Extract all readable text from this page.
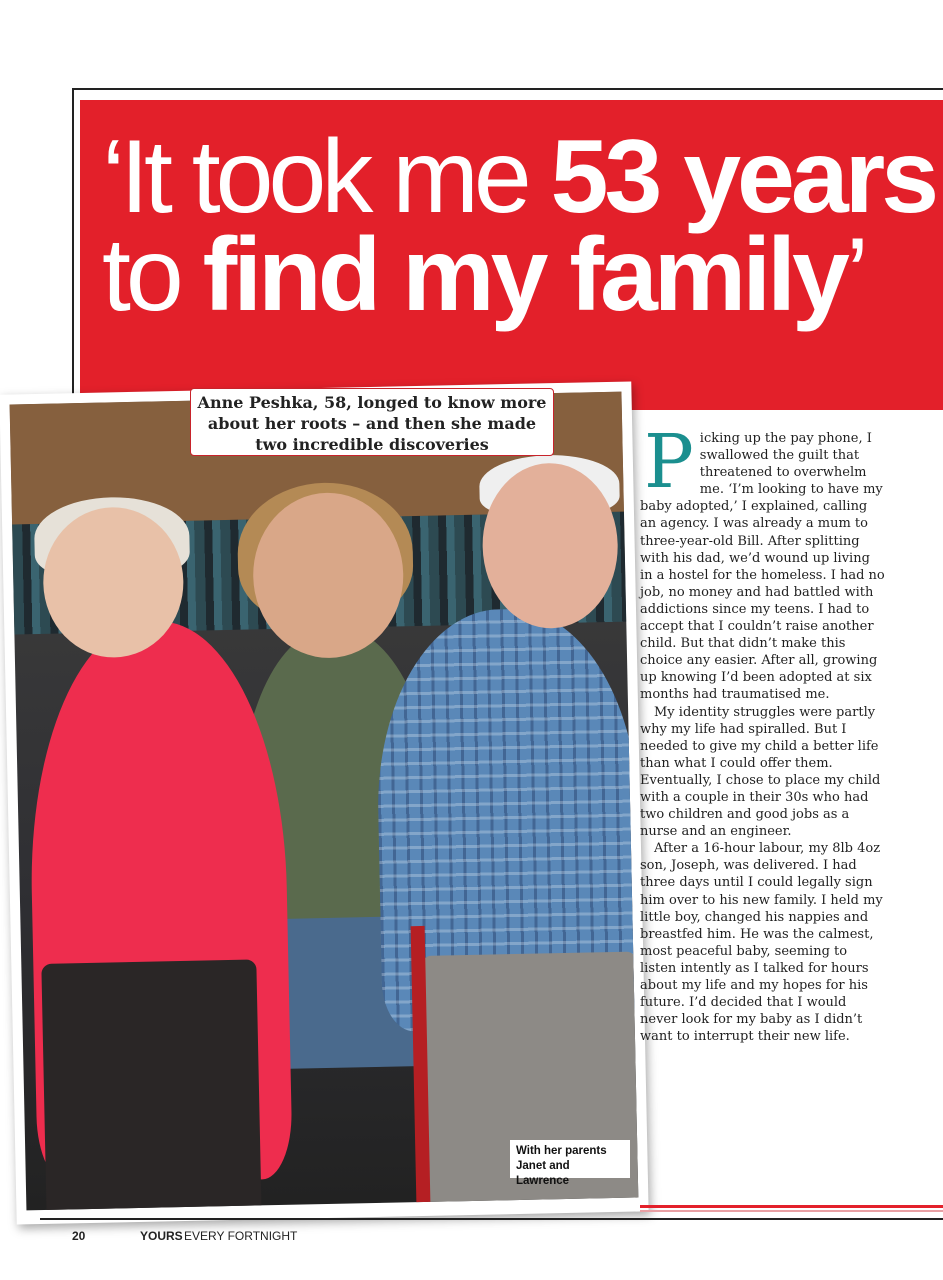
‘It took me 53 years
to find my family’
With her parents
Janet and Lawrence
Anne Peshka, 58, longed to know more about her roots – and then she made two incredible discoveries	Picking up the pay phone, I swallowed the guilt that threatened to overwhelm me. ‘I’m looking to have my baby adopted,’ I explained, calling an agency. I was already a mum to three-year-old Bill. After splitting with his dad, we’d wound up living in a hostel for the homeless. I had no job, no money and had battled with addictions since my teens. I had to accept that I couldn’t raise another child. But that didn’t make this choice any easier. After all, growing up knowing I’d been adopted at six months had traumatised me.

My identity struggles were partly why my life had spiralled. But I needed to give my child a better life than what I could offer them. Eventually, I chose to place my child with a couple in their 30s who had two children and good jobs as a nurse and an engineer.

After a 16-hour labour, my 8lb 4oz son, Joseph, was delivered. I had three days until I could legally sign him over to his new family. I held my little boy, changed his nappies and breastfed him. He was the calmest, most peaceful baby, seeming to listen intently as I talked for hours about my life and my hopes for his future. I’d decided that I would never look for my baby as I didn’t want to interrupt their new life.

20	YOURS EVERY FORTNIGHT
